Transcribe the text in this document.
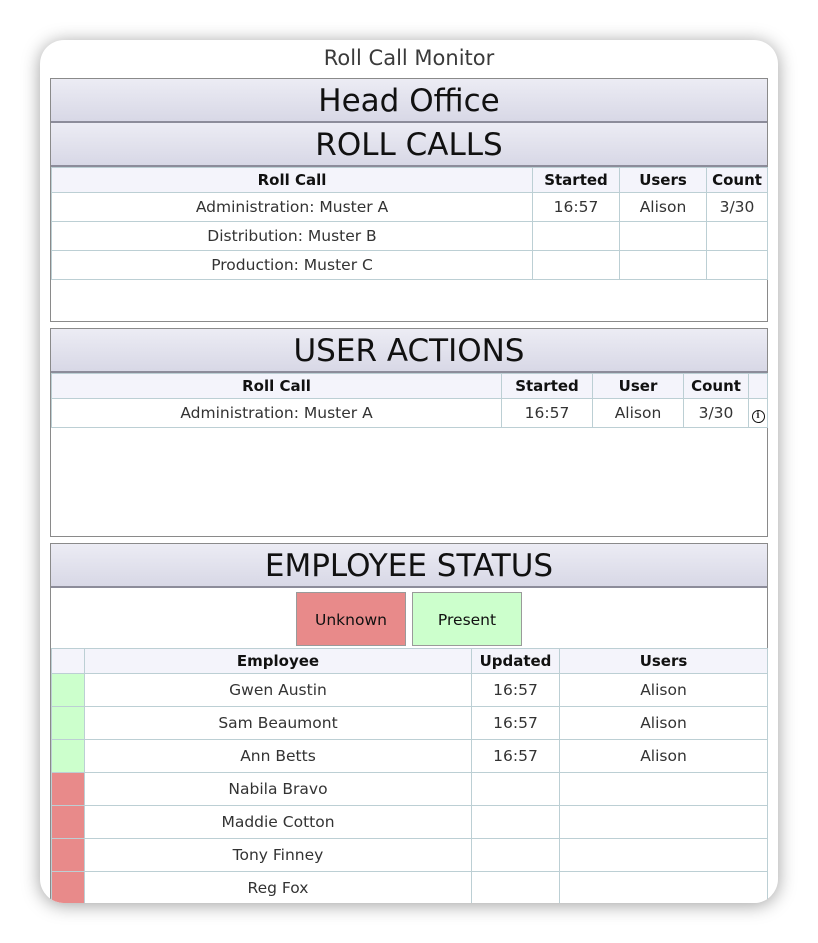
Roll Call Monitor
Head Office
ROLL CALLS
Roll Call	Started	Users	Count
Administration: Muster A	16:57	Alison	3/30
Distribution: Muster B			
Production: Muster C			
USER ACTIONS
Roll Call	Started	User	Count	
Administration: Muster A	16:57	Alison	3/30	i
EMPLOYEE STATUS
Unknown	Present
	Employee	Updated	Users
	Gwen Austin	16:57	Alison
	Sam Beaumont	16:57	Alison
	Ann Betts	16:57	Alison
	Nabila Bravo		
	Maddie Cotton		
	Tony Finney		
	Reg Fox		
